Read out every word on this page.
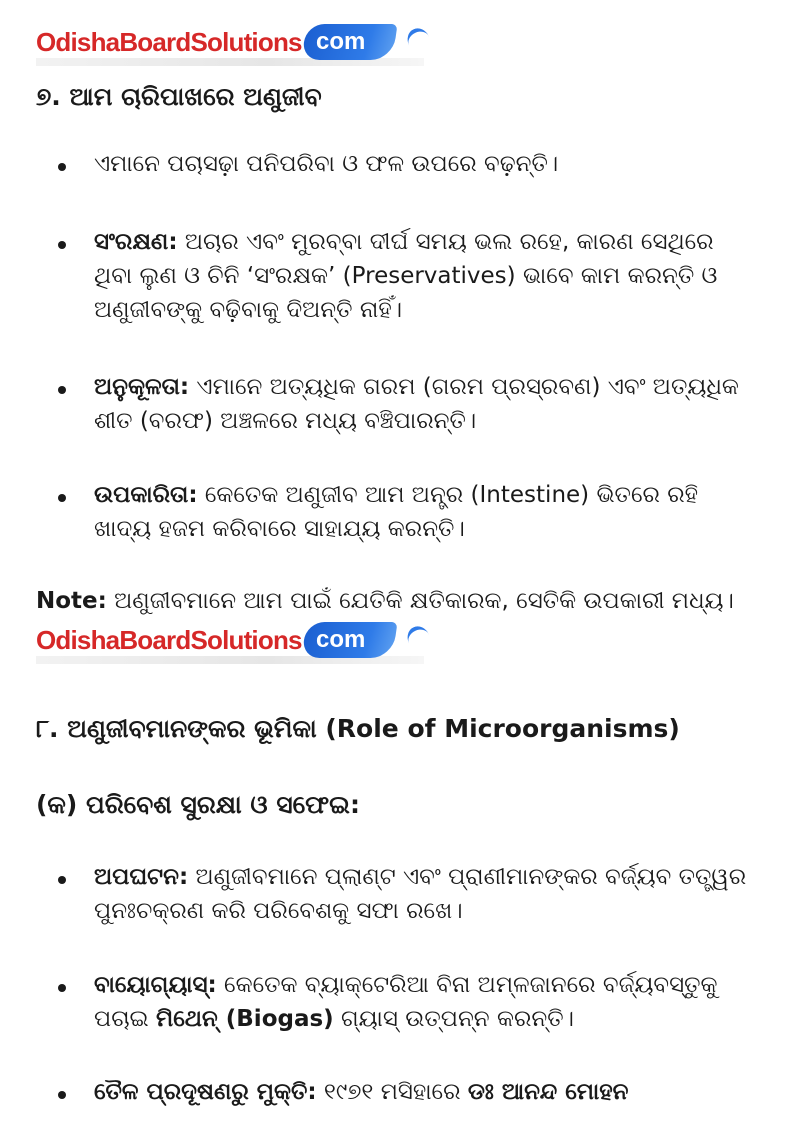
OdishaBoardSolutions com
୭. ଆମ ଚାରିପାଖରେ ଅଣୁଜୀବ
ଏମାନେ ପଚାସଢ଼ା ପନିପରିବା ଓ ଫଳ ଉପରେ ବଢ଼ନ୍ତି।
ସଂରକ୍ଷଣ: ଅଚାର ଏବଂ ମୁରବ୍ବା ଦୀର୍ଘ ସମୟ ଭଲ ରହେ, କାରଣ ସେଥିରେ ଥିବା ଲୁଣ ଓ ଚିନି ‘ସଂରକ୍ଷକ’ (Preservatives) ଭାବେ କାମ କରନ୍ତି ଓ ଅଣୁଜୀବଙ୍କୁ ବଢ଼ିବାକୁ ଦିଅନ୍ତି ନାହିଁ।
ଅନୁକୂଳତା: ଏମାନେ ଅତ୍ୟଧିକ ଗରମ (ଗରମ ପ୍ରସ୍ରବଣ) ଏବଂ ଅତ୍ୟଧିକ ଶୀତ (ବରଫ) ଅଞ୍ଚଳରେ ମଧ୍ୟ ବଞ୍ଚିପାରନ୍ତି।
ଉପକାରିତା: କେତେକ ଅଣୁଜୀବ ଆମ ଅନ୍ତ୍ର (Intestine) ଭିତରେ ରହି ଖାଦ୍ୟ ହଜମ କରିବାରେ ସାହାଯ୍ୟ କରନ୍ତି।
Note: ଅଣୁଜୀବମାନେ ଆମ ପାଇଁ ଯେତିକି କ୍ଷତିକାରକ, ସେତିକି ଉପକାରୀ ମଧ୍ୟ।
OdishaBoardSolutions com
୮. ଅଣୁଜୀବମାନଙ୍କର ଭୂମିକା (Role of Microorganisms)
(କ) ପରିବେଶ ସୁରକ୍ଷା ଓ ସଫେଇ:
ଅପଘଟନ: ଅଣୁଜୀବମାନେ ପ୍ଲାଣ୍ଟ ଏବଂ ପ୍ରାଣୀମାନଙ୍କର ବର୍ଜ୍ୟବ ତତ୍ତ୍ୱର ପୁନଃଚକ୍ରଣ କରି ପରିବେଶକୁ ସଫା ରଖେ।
ବାୟୋଗ୍ୟାସ୍: କେତେକ ବ୍ୟାକ୍ଟେରିଆ ବିନା ଅମ୍ଳଜାନରେ ବର୍ଜ୍ୟବସ୍ତୁକୁ ପଚାଇ ମିଥେନ୍ (Biogas) ଗ୍ୟାସ୍ ଉତ୍ପନ୍ନ କରନ୍ତି।
ତୈଳ ପ୍ରଦୂଷଣରୁ ମୁକ୍ତି: ୧୯୭୧ ମସିହାରେ ଡଃ ଆନନ୍ଦ ମୋହନ
